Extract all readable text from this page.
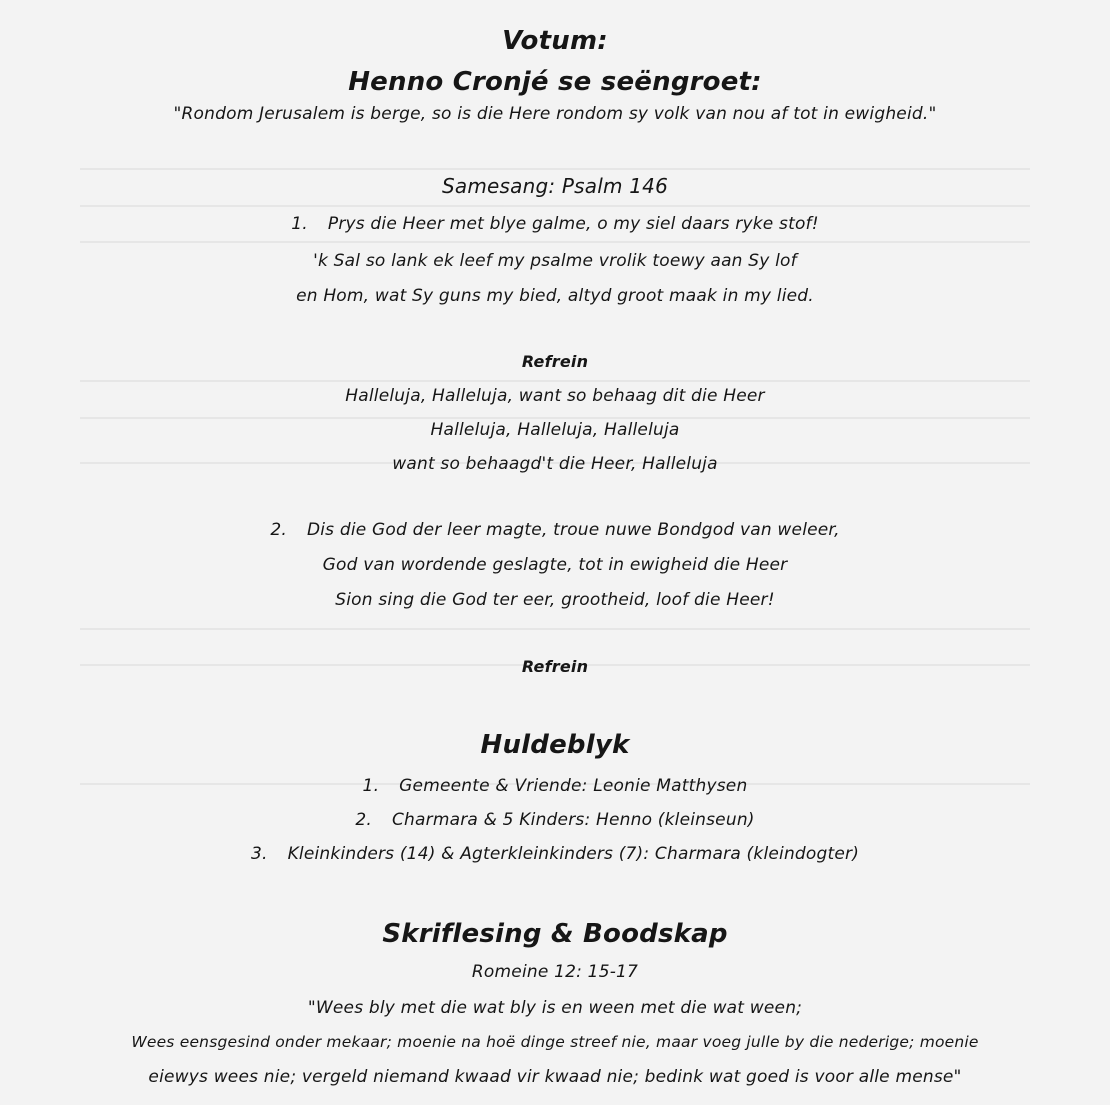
Votum:
Henno Cronjé se seëngroet:
"Rondom Jerusalem is berge, so is die Here rondom sy volk van nou af tot in ewigheid."
Samesang: Psalm 146
1. Prys die Heer met blye galme, o my siel daars ryke stof!
'k Sal so lank ek leef my psalme vrolik toewy aan Sy lof
en Hom, wat Sy guns my bied, altyd groot maak in my lied.
Refrein
Halleluja, Halleluja, want so behaag dit die Heer
Halleluja, Halleluja, Halleluja
want so behaagd't die Heer, Halleluja
2. Dis die God der leer magte, troue nuwe Bondgod van weleer,
God van wordende geslagte, tot in ewigheid die Heer
Sion sing die God ter eer, grootheid, loof die Heer!
Refrein
Huldeblyk
1. Gemeente & Vriende: Leonie Matthysen
2. Charmara & 5 Kinders: Henno (kleinseun)
3. Kleinkinders (14) & Agterkleinkinders (7): Charmara (kleindogter)
Skriflesing & Boodskap
Romeine 12: 15-17
"Wees bly met die wat bly is en ween met die wat ween;
Wees eensgesind onder mekaar; moenie na hoë dinge streef nie, maar voeg julle by die nederige; moenie
eiewys wees nie; vergeld niemand kwaad vir kwaad nie; bedink wat goed is voor alle mense"
